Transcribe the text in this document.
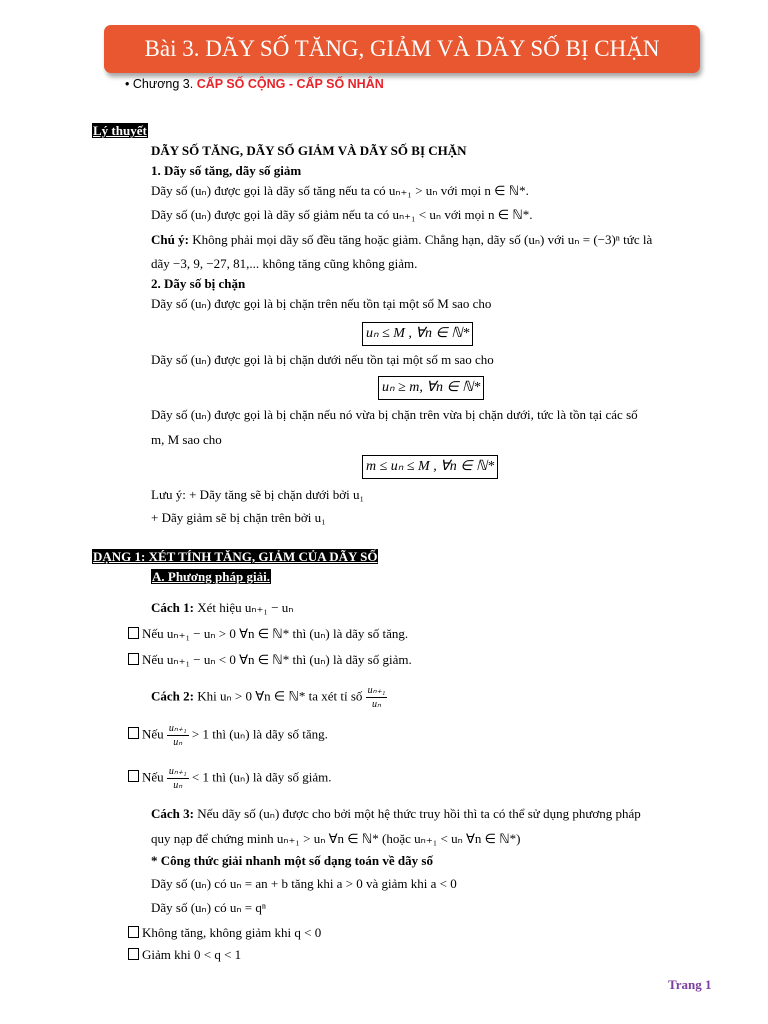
Bài 3. DÃY SỐ TĂNG, GIẢM VÀ DÃY SỐ BỊ CHẶN
• Chương 3. CẤP SỐ CỘNG - CẤP SỐ NHÂN
Lý thuyết
DÃY SỐ TĂNG, DÃY SỐ GIẢM VÀ DÃY SỐ BỊ CHẶN
1. Dãy số tăng, dãy số giảm
Dãy số (uₙ) được gọi là dãy số tăng nếu ta có uₙ₊₁ > uₙ với mọi n ∈ ℕ*.
Dãy số (uₙ) được gọi là dãy số giảm nếu ta có uₙ₊₁ < uₙ với mọi n ∈ ℕ*.
Chú ý: Không phải mọi dãy số đều tăng hoặc giảm. Chẳng hạn, dãy số (uₙ) với uₙ = (−3)ⁿ tức là
dãy −3, 9, −27, 81,... không tăng cũng không giảm.
2. Dãy số bị chặn
Dãy số (uₙ) được gọi là bị chặn trên nếu tồn tại một số M sao cho
uₙ ≤ M , ∀n ∈ ℕ*
Dãy số (uₙ) được gọi là bị chặn dưới nếu tồn tại một số m sao cho
uₙ ≥ m, ∀n ∈ ℕ*
Dãy số (uₙ) được gọi là bị chặn nếu nó vừa bị chặn trên vừa bị chặn dưới, tức là tồn tại các số
m, M sao cho
m ≤ uₙ ≤ M , ∀n ∈ ℕ*
Lưu ý: + Dãy tăng sẽ bị chặn dưới bởi u₁
+ Dãy giảm sẽ bị chặn trên bởi u₁
DẠNG 1: XÉT TÍNH TĂNG, GIẢM CỦA DÃY SỐ
A. Phương pháp giải.
Cách 1: Xét hiệu uₙ₊₁ − uₙ
Nếu uₙ₊₁ − uₙ > 0 ∀n ∈ ℕ* thì (uₙ) là dãy số tăng.
Nếu uₙ₊₁ − uₙ < 0 ∀n ∈ ℕ* thì (uₙ) là dãy số giảm.
Cách 2: Khi uₙ > 0 ∀n ∈ ℕ* ta xét tỉ số $\frac{\text{uₙ₊₁}}{\text{uₙ}}$
Nếu $\frac{\text{uₙ₊₁}}{\text{uₙ}} > 1$ thì (uₙ) là dãy số tăng.
Nếu $\frac{\text{uₙ₊₁}}{\text{uₙ}} < 1$ thì (uₙ) là dãy số giảm.
Cách 3: Nếu dãy số (uₙ) được cho bởi một hệ thức truy hồi thì ta có thể sử dụng phương pháp
quy nạp để chứng minh uₙ₊₁ > uₙ ∀n ∈ ℕ* (hoặc uₙ₊₁ < uₙ ∀n ∈ ℕ*)
* Công thức giải nhanh một số dạng toán về dãy số
Dãy số (uₙ) có uₙ = an + b tăng khi a > 0 và giảm khi a < 0
Dãy số (uₙ) có uₙ = qⁿ
Không tăng, không giảm khi q < 0
Giảm khi 0 < q < 1
Trang 1
